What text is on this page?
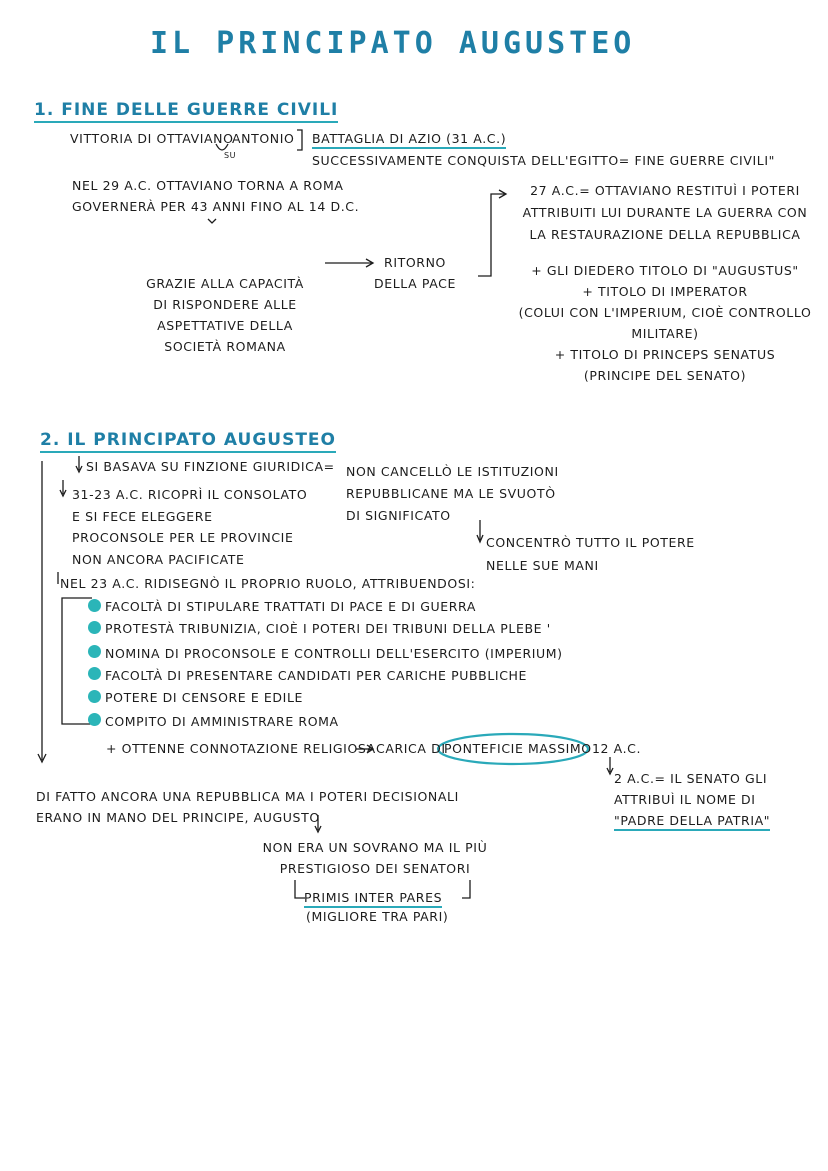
IL PRINCIPATO AUGUSTEO
1. FINE DELLE GUERRE CIVILI
VITTORIA DI OTTAVIANO
ANTONIO
SU
BATTAGLIA DI AZIO (31 A.C.)
SUCCESSIVAMENTE CONQUISTA DELL'EGITTO= FINE GUERRE CIVILI"
NEL 29 A.C. OTTAVIANO TORNA A ROMA
GOVERNERÀ PER 43 ANNI FINO AL 14 D.C.
GRAZIE ALLA CAPACITÀ
DI RISPONDERE ALLE
ASPETTATIVE DELLA
SOCIETÀ ROMANA
RITORNO
DELLA PACE
27 A.C.= OTTAVIANO RESTITUÌ I POTERI
ATTRIBUITI LUI DURANTE LA GUERRA CON
LA RESTAURAZIONE DELLA REPUBBLICA
+ GLI DIEDERO TITOLO DI "AUGUSTUS"
+ TITOLO DI IMPERATOR
(COLUI CON L'IMPERIUM, CIOÈ CONTROLLO
MILITARE)
+ TITOLO DI PRINCEPS SENATUS
(PRINCIPE DEL SENATO)
2. IL PRINCIPATO AUGUSTEO
SI BASAVA SU FINZIONE GIURIDICA= NON CANCELLÒ LE ISTITUZIONI
REPUBBLICANE MA LE SVUOTÒ
DI SIGNIFICATO
31-23 A.C. RICOPRÌ IL CONSOLATO
E SI FECE ELEGGERE
PROCONSOLE PER LE PROVINCIE
NON ANCORA PACIFICATE
CONCENTRÒ TUTTO IL POTERE
NELLE SUE MANI
NEL 23 A.C. RIDISEGNÒ IL PROPRIO RUOLO, ATTRIBUENDOSI:
FACOLTÀ DI STIPULARE TRATTATI DI PACE E DI GUERRA
PROTESTÀ TRIBUNIZIA, CIOÈ I POTERI DEI TRIBUNI DELLA PLEBE '
NOMINA DI PROCONSOLE E CONTROLLI DELL'ESERCITO (IMPERIUM)
FACOLTÀ DI PRESENTARE CANDIDATI PER CARICHE PUBBLICHE
POTERE DI CENSORE E EDILE
COMPITO DI AMMINISTRARE ROMA
+ OTTENNE CONNOTAZIONE RELIGIOSA CARICA DI
PONTEFICIE MASSIMO 12 A.C.
2 A.C.= IL SENATO GLI
ATTRIBUÌ IL NOME DI
"PADRE DELLA PATRIA"
DI FATTO ANCORA UNA REPUBBLICA MA I POTERI DECISIONALI
ERANO IN MANO DEL PRINCIPE, AUGUSTO
NON ERA UN SOVRANO MA IL PIÙ
PRESTIGIOSO DEI SENATORI
PRIMIS INTER PARES
(MIGLIORE TRA PARI)
